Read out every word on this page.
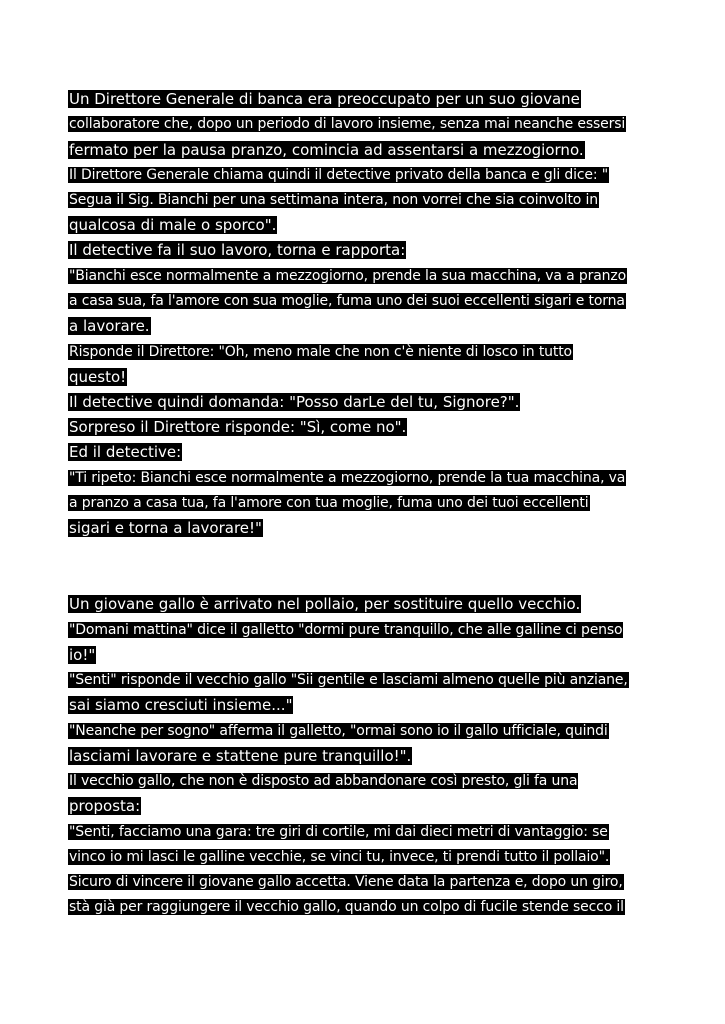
Un Direttore Generale di banca era preoccupato per un suo giovane
collaboratore che, dopo un periodo di lavoro insieme, senza mai neanche essersi
fermato per la pausa pranzo, comincia ad assentarsi a mezzogiorno.
Il Direttore Generale chiama quindi il detective privato della banca e gli dice: "
Segua il Sig. Bianchi per una settimana intera, non vorrei che sia coinvolto in
qualcosa di male o sporco".
Il detective fa il suo lavoro, torna e rapporta:
"Bianchi esce normalmente a mezzogiorno, prende la sua macchina, va a pranzo
a casa sua, fa l'amore con sua moglie, fuma uno dei suoi eccellenti sigari e torna
a lavorare.
Risponde il Direttore: "Oh, meno male che non c'è niente di losco in tutto
questo!
Il detective quindi domanda: "Posso darLe del tu, Signore?".
Sorpreso il Direttore risponde: "Sì, come no".
Ed il detective:
"Ti ripeto: Bianchi esce normalmente a mezzogiorno, prende la tua macchina, va
a pranzo a casa tua, fa l'amore con tua moglie, fuma uno dei tuoi eccellenti
sigari e torna a lavorare!"
Un giovane gallo è arrivato nel pollaio, per sostituire quello vecchio.
"Domani mattina" dice il galletto "dormi pure tranquillo, che alle galline ci penso
io!"
"Senti" risponde il vecchio gallo "Sii gentile e lasciami almeno quelle più anziane,
sai siamo cresciuti insieme..."
"Neanche per sogno" afferma il galletto, "ormai sono io il gallo ufficiale, quindi
lasciami lavorare e stattene pure tranquillo!".
Il vecchio gallo, che non è disposto ad abbandonare così presto, gli fa una
proposta:
"Senti, facciamo una gara: tre giri di cortile, mi dai dieci metri di vantaggio: se
vinco io mi lasci le galline vecchie, se vinci tu, invece, ti prendi tutto il pollaio".
Sicuro di vincere il giovane gallo accetta. Viene data la partenza e, dopo un giro,
stà già per raggiungere il vecchio gallo, quando un colpo di fucile stende secco il
